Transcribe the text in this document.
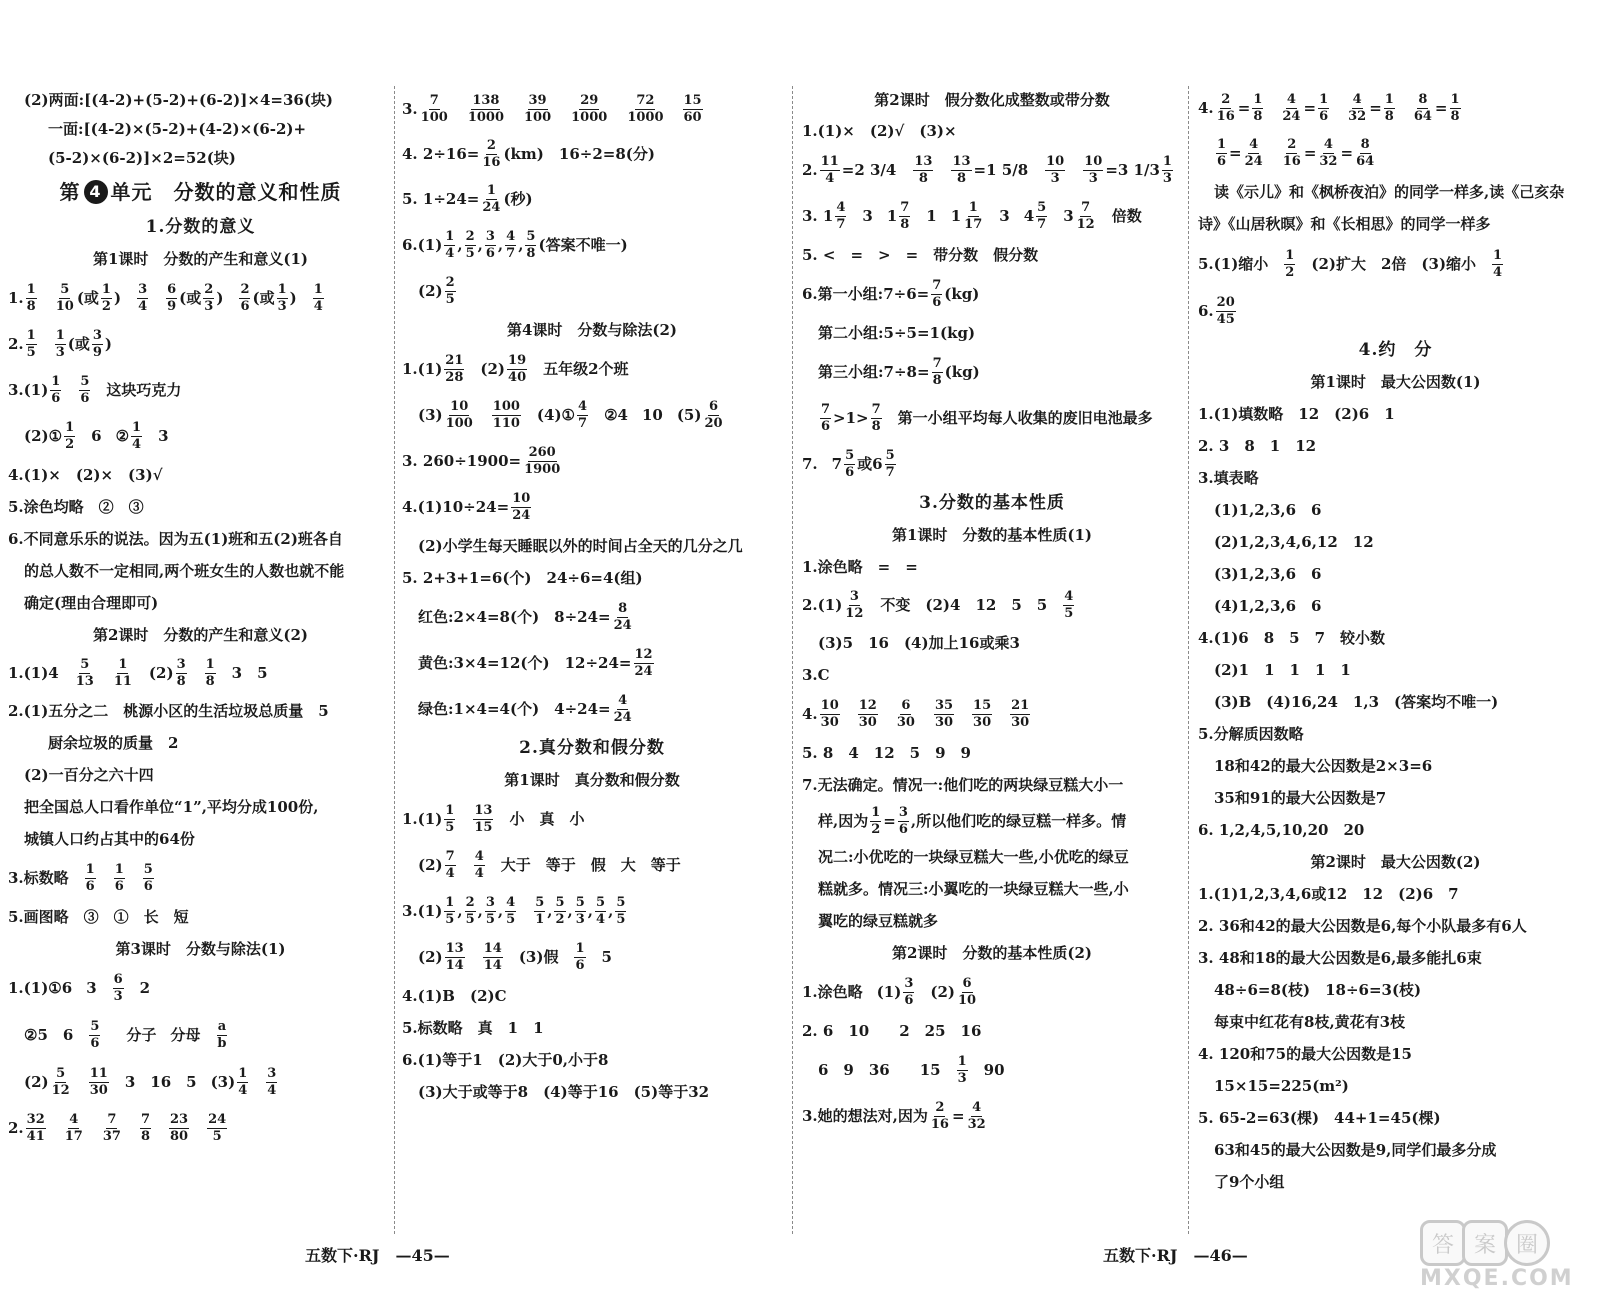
(2)两面:[(4-2)+(5-2)+(6-2)]×4=36(块)
一面:[(4-2)×(5-2)+(4-2)×(6-2)+
(5-2)×(6-2)]×2=52(块)
第 4 单元　分数的意义和性质
1.分数的意义
第1课时　分数的产生和意义(1)
1. $\frac{1}{8} \frac{5}{10}$ (或 $\frac{1}{2}$ ) $\frac{3}{4} \frac{6}{9}$ (或 $\frac{2}{3}$ ) $\frac{2}{6}$ (或 $\frac{1}{3}$ ) $\frac{1}{4}$
2. $\frac{1}{5} \frac{1}{3}$ (或 $\frac{3}{9}$ )
$3.(1) \frac{1}{6} \frac{5}{6}$ 这块巧克力
(2)① $\frac{1}{2} 6$ ② $\frac{1}{4} 3$
4.(1)×　(2)×　(3)√
5.涂色均略　②　③
6.不同意乐乐的说法。因为五(1)班和五(2)班各自
的总人数不一定相同,两个班女生的人数也就不能
确定(理由合理即可)
第2课时　分数的产生和意义(2)
$1.(1)4 \frac{5}{13} \frac{1}{11} (2) \frac{3}{8} \frac{1}{8} 3$　5
2.(1)五分之二　桃源小区的生活垃圾总质量　5
厨余垃圾的质量　2
(2)一百分之六十四
把全国总人口看作单位“1”,平均分成100份,
城镇人口约占其中的64份
3.标数略 $\frac{1}{6} \frac{1}{6} \frac{5}{6}$
5.画图略　③　①　长　短
第3课时　分数与除法(1)
1.(1)①6 $3 \frac{6}{3} 2$
②5　$6 \frac{5}{6}$ 分子 分母 $\frac{a}{b}$
$(2) \frac{5}{12} \frac{11}{30} 3$　16　5 $(3) \frac{1}{4} \frac{3}{4}$
2. $\frac{32}{41} \frac{4}{17} \frac{7}{37} \frac{7}{8} \frac{23}{80} \frac{24}{5}$
3. $\frac{7}{100} \frac{138}{1000} \frac{39}{100} \frac{29}{1000} \frac{72}{1000} \frac{15}{60}$
4. $2\div 16= \frac{2}{16} (km)$　16÷2=8(分)
5. $1\div 24= \frac{1}{24}$ (秒)
$6.(1) \frac{1}{4}$ , $\frac{2}{5}$ , $\frac{3}{6}$ , $\frac{4}{7}$ , $\frac{5}{8}$ (答案不唯一)
$(2) \frac{2}{5}$
第4课时　分数与除法(2)
$1.(1) \frac{21}{28} (2) \frac{19}{40}$ 五年级2个班
$(3) \frac{10}{100} \frac{100}{110}$ (4)① $\frac{4}{7}$ ②4 10 $(5) \frac{6}{20}$
3. $260\div 1900= \frac{260}{1900}$
$4.(1)10\div 24= \frac{10}{24}$
(2)小学生每天睡眠以外的时间占全天的几分之几
5. 2+3+1=6(个)　24÷6=4(组)
红色:2×4=8(个)　$8\div 24= \frac{8}{24}$
黄色:3×4=12(个)　$12\div 24= \frac{12}{24}$
绿色:1×4=4(个)　$4\div 24= \frac{4}{24}$
2.真分数和假分数
第1课时　真分数和假分数
$1.(1) \frac{1}{5} \frac{13}{15}$ 小　真　小
$(2) \frac{7}{4} \frac{4}{4}$ 大于　等于　假　大　等于
$3.(1) \frac{1}{5}$ , $\frac{2}{5}$ , $\frac{3}{5}$ , $\frac{4}{5} \frac{5}{1}$ , $\frac{5}{2}$ , $\frac{5}{3}$ , $\frac{5}{4}$ , $\frac{5}{5}$
$(2) \frac{13}{14} \frac{14}{14} (3)$假 $\frac{1}{6} 5$
4.(1)B　(2)C
5.标数略　真　1　1
6.(1)等于1　(2)大于0,小于8
(3)大于或等于8　(4)等于16　(5)等于32
第2课时　假分数化成整数或带分数
1.(1)×　(2)√　(3)×
2. $\frac{11}{4} =2$ 3/4　 $\frac{13}{8} \frac{13}{8} =1$ 5/8　 $\frac{10}{3} \frac{10}{3} =3$ $1/3 \frac{1}{3}$
3. $1 \frac{4}{7} 3$ $1 \frac{7}{8} 1$ $1 \frac{1}{17} 3$ $4 \frac{5}{7} 3 \frac{7}{12}$ 倍数
5. <　=　>　=　带分数　假分数
6.第一小组:7÷6= $\frac{7}{6} (kg)$
第二小组:5÷5=1(kg)
第三小组:7÷8= $\frac{7}{8} (kg)$
$\frac{7}{6} >1> \frac{7}{8}$ 第一小组平均每人收集的废旧电池最多
7. $7 \frac{5}{6}$ 或$6 \frac{5}{7}$
3.分数的基本性质
第1课时　分数的基本性质(1)
1.涂色略　=　=
$2.(1) \frac{3}{12}$ 不变　(2)4　12　5　$5 \frac{4}{5}$
(3)5　16　(4)加上16或乘3
3.C
4. $\frac{10}{30} \frac{12}{30} \frac{6}{30} \frac{35}{30} \frac{15}{30} \frac{21}{30}$
5. 8　4　12　5　9　9
7.无法确定。情况一:他们吃的两块绿豆糕大小一
样,因为 $\frac{1}{2} = \frac{3}{6}$ ,所以他们吃的绿豆糕一样多。情
况二:小优吃的一块绿豆糕大一些,小优吃的绿豆
糕就多。情况三:小翼吃的一块绿豆糕大一些,小
翼吃的绿豆糕就多
第2课时　分数的基本性质(2)
1.涂色略 $(1) \frac{3}{6} (2) \frac{6}{10}$
2. 6　10　　2　25　16
6　9　36　　$15 \frac{1}{3} 90$
3.她的想法对,因为 $\frac{2}{16} = \frac{4}{32}$
4. $\frac{2}{16} = \frac{1}{8} \frac{4}{24} = \frac{1}{6} \frac{4}{32} = \frac{1}{8} \frac{8}{64} = \frac{1}{8}$
$\frac{1}{6} = \frac{4}{24} \frac{2}{16} = \frac{4}{32} = \frac{8}{64}$
读《示儿》和《枫桥夜泊》的同学一样多,读《己亥杂
诗》《山居秋暝》和《长相思》的同学一样多
5.(1)缩小 $\frac{1}{2} (2)$扩大　2倍　(3)缩小 $\frac{1}{4}$
6. $\frac{20}{45}$
4.约　分
第1课时　最大公因数(1)
1.(1)填数略　12　(2)6　1
2. 3　8　1　12
3.填表略
(1)1,2,3,6　6
(2)1,2,3,4,6,12　12
(3)1,2,3,6　6
(4)1,2,3,6　6
4.(1)6　8　5　7　较小数
(2)1　1　1　1　1
(3)B　(4)16,24　1,3　(答案均不唯一)
5.分解质因数略
18和42的最大公因数是2×3=6
35和91的最大公因数是7
6. 1,2,4,5,10,20　20
第2课时　最大公因数(2)
1.(1)1,2,3,4,6或12　12　(2)6　7
2. 36和42的最大公因数是6,每个小队最多有6人
3. 48和18的最大公因数是6,最多能扎6束
48÷6=8(枝)　18÷6=3(枝)
每束中红花有8枝,黄花有3枝
4. 120和75的最大公因数是15
15×15=225(m²)
5. 65-2=63(棵)　44+1=45(棵)
63和45的最大公因数是9,同学们最多分成
了9个小组
五数下·RJ　—45—	五数下·RJ　—46—	答 案 圈
MXQE.COM
